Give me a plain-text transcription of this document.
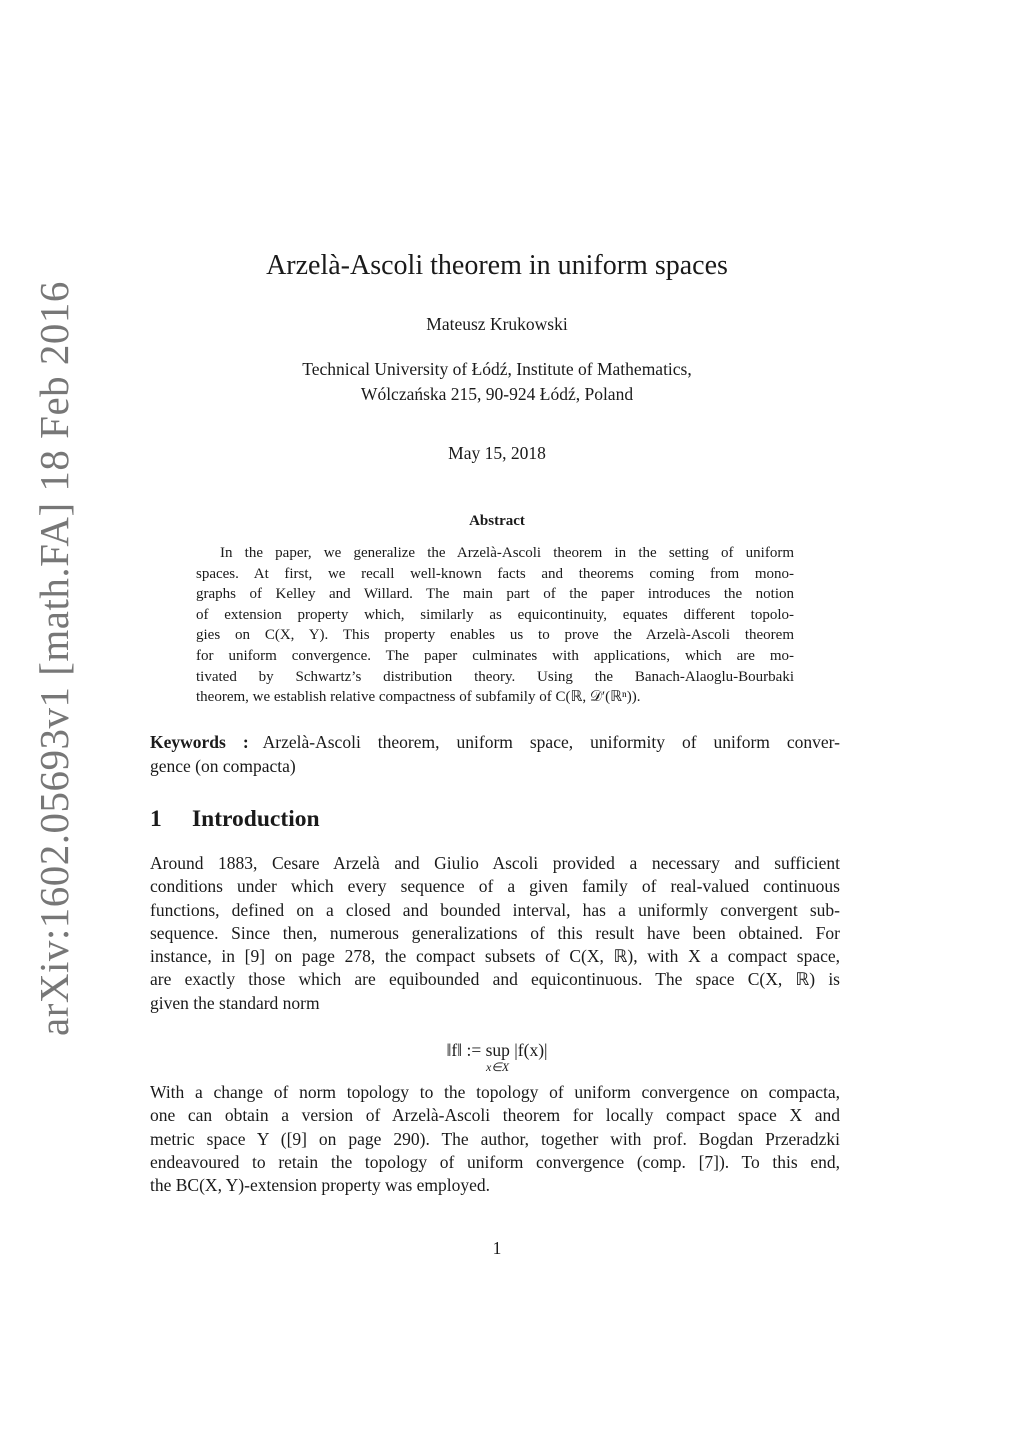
arXiv:1602.05693v1 [math.FA] 18 Feb 2016
Arzelà-Ascoli theorem in uniform spaces
Mateusz Krukowski
Technical University of Łódź, Institute of Mathematics,
Wólczańska 215, 90-924 Łódź, Poland
May 15, 2018
Abstract
In the paper, we generalize the Arzelà-Ascoli theorem in the setting of uniform
spaces. At first, we recall well-known facts and theorems coming from mono-
graphs of Kelley and Willard. The main part of the paper introduces the notion
of extension property which, similarly as equicontinuity, equates different topolo-
gies on C(X, Y). This property enables us to prove the Arzelà-Ascoli theorem
for uniform convergence. The paper culminates with applications, which are mo-
tivated by Schwartz’s distribution theory. Using the Banach-Alaoglu-Bourbaki
theorem, we establish relative compactness of subfamily of C(ℝ, 𝒟′(ℝⁿ)).
Keywords : Arzelà-Ascoli theorem, uniform space, uniformity of uniform conver-
gence (on compacta)
1 Introduction
Around 1883, Cesare Arzelà and Giulio Ascoli provided a necessary and sufficient
conditions under which every sequence of a given family of real-valued continuous
functions, defined on a closed and bounded interval, has a uniformly convergent sub-
sequence. Since then, numerous generalizations of this result have been obtained. For
instance, in [9] on page 278, the compact subsets of C(X, ℝ), with X a compact space,
are exactly those which are equibounded and equicontinuous. The space C(X, ℝ) is
given the standard norm
‖f‖ := sup |f(x)|
x∈X
With a change of norm topology to the topology of uniform convergence on compacta,
one can obtain a version of Arzelà-Ascoli theorem for locally compact space X and
metric space Y ([9] on page 290). The author, together with prof. Bogdan Przeradzki
endeavoured to retain the topology of uniform convergence (comp. [7]). To this end,
the BC(X, Y)-extension property was employed.
1
